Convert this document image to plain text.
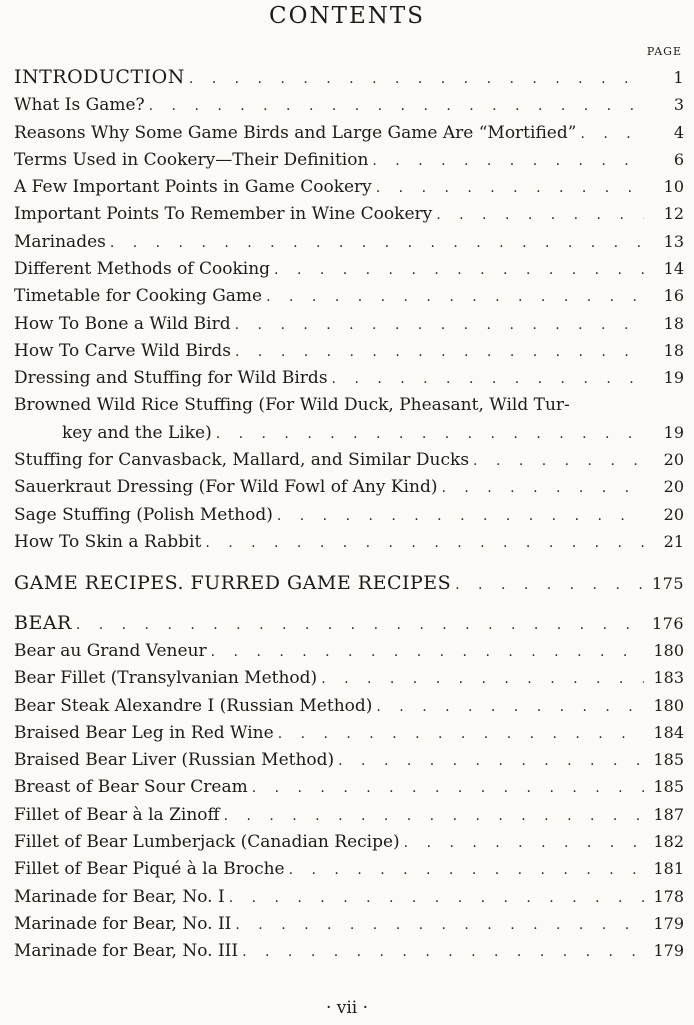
CONTENTS
PAGE
INTRODUCTION . . .	1
What Is Game? . . .	3
Reasons Why Some Game Birds and Large Game Are “Mortified” . . .	4
Terms Used in Cookery—Their Definition . . .	6
A Few Important Points in Game Cookery . . .	10
Important Points To Remember in Wine Cookery . . .	12
Marinades . . .	13
Different Methods of Cooking . . .	14
Timetable for Cooking Game . . .	16
How To Bone a Wild Bird . . .	18
How To Carve Wild Birds . . .	18
Dressing and Stuffing for Wild Birds . . .	19
Browned Wild Rice Stuffing (For Wild Duck, Pheasant, Wild Tur-
key and the Like) . . .	19
Stuffing for Canvasback, Mallard, and Similar Ducks . . .	20
Sauerkraut Dressing (For Wild Fowl of Any Kind) . . .	20
Sage Stuffing (Polish Method) . . .	20
How To Skin a Rabbit . . .	21
GAME RECIPES. FURRED GAME RECIPES . . .	175
BEAR . . .	176
Bear au Grand Veneur . . .	180
Bear Fillet (Transylvanian Method) . . .	183
Bear Steak Alexandre I (Russian Method) . . .	180
Braised Bear Leg in Red Wine . . .	184
Braised Bear Liver (Russian Method) . . .	185
Breast of Bear Sour Cream . . .	185
Fillet of Bear à la Zinoff . . .	187
Fillet of Bear Lumberjack (Canadian Recipe) . . .	182
Fillet of Bear Piqué à la Broche . . .	181
Marinade for Bear, No. I . . .	178
Marinade for Bear, No. II . . .	179
Marinade for Bear, No. III . . .	179
· vii ·
